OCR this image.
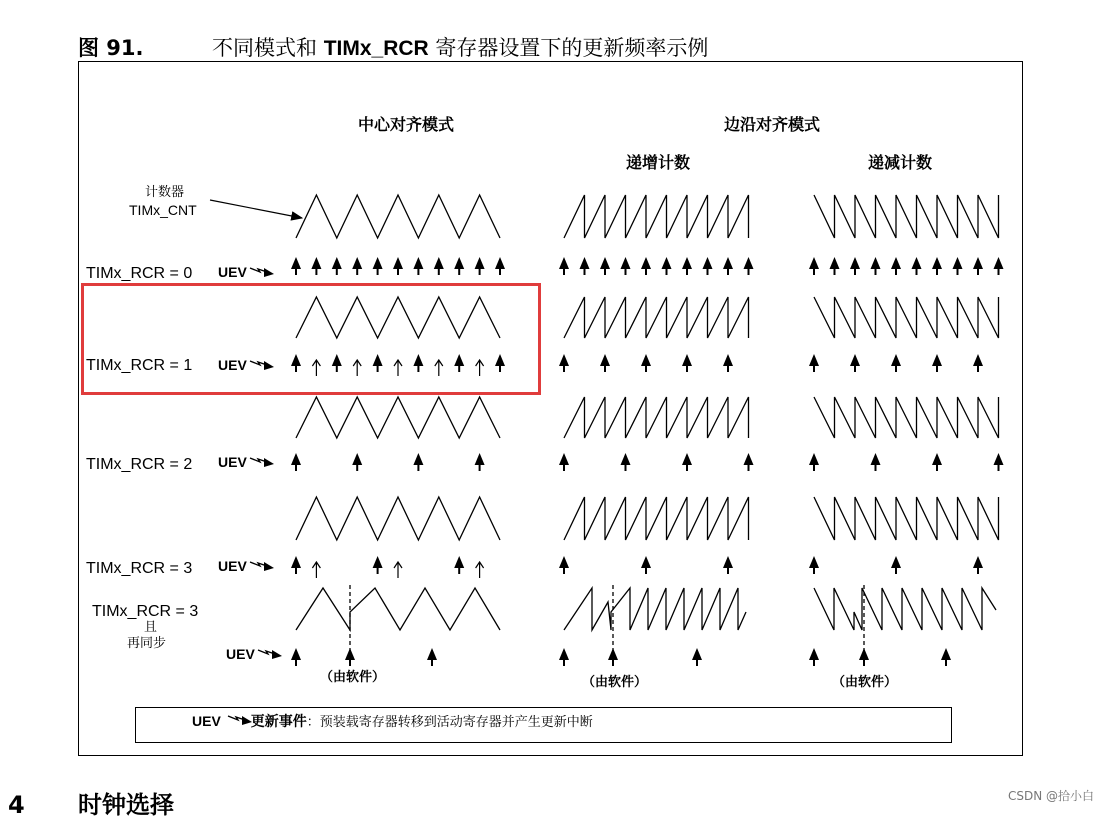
图 91.	不同模式和 TIMx_RCR 寄存器设置下的更新频率示例
中心对齐模式	边沿对齐模式
递增计数	递减计数
计数器
TIMx_CNT
TIMx_RCR = 0 UEV
TIMx_RCR = 1 UEV
TIMx_RCR = 2 UEV
TIMx_RCR = 3 UEV
TIMx_RCR = 3
且
再同步
UEV
（由软件）	（由软件）	（由软件）
UEV 更新事件：预装载寄存器转移到活动寄存器并产生更新中断
4 时钟选择	CSDN @拾小白
